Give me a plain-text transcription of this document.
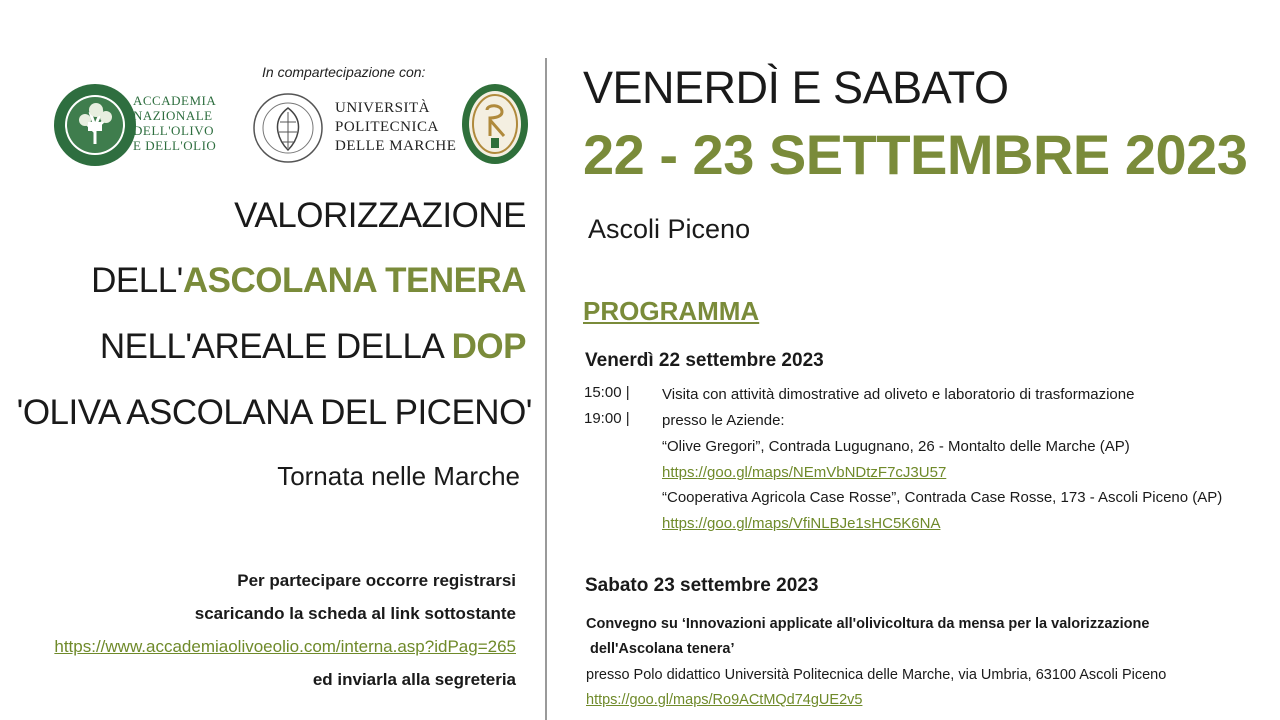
ACCADEMIA
NAZIONALE
DELL'OLIVO
E DELL'OLIO
In compartecipazione con:
UNIVERSITÀ
POLITECNICA
DELLE MARCHE
VALORIZZAZIONE
DELL'ASCOLANA TENERA
NELL'AREALE DELLA DOP
'OLIVA ASCOLANA DEL PICENO'
Tornata nelle Marche
Per partecipare occorre registrarsi
scaricando la scheda al link sottostante
https://www.accademiaolivoeolio.com/interna.asp?idPag=265
ed inviarla alla segreteria
VENERDÌ E SABATO
22 - 23 SETTEMBRE 2023
Ascoli Piceno
PROGRAMMA
Venerdì 22 settembre 2023
15:00 |
19:00 |
Visita con attività dimostrative ad oliveto e laboratorio di trasformazione
presso le Aziende:
“Olive Gregori”, Contrada Lugugnano, 26 - Montalto delle Marche (AP)
https://goo.gl/maps/NEmVbNDtzF7cJ3U57
“Cooperativa Agricola Case Rosse”, Contrada Case Rosse, 173 - Ascoli Piceno (AP)
https://goo.gl/maps/VfiNLBJe1sHC5K6NA
Sabato 23 settembre 2023
Convegno su ‘Innovazioni applicate all'olivicoltura da mensa per la valorizzazione
dell'Ascolana tenera’
presso Polo didattico Università Politecnica delle Marche, via Umbria, 63100 Ascoli Piceno
https://goo.gl/maps/Ro9ACtMQd74gUE2v5
